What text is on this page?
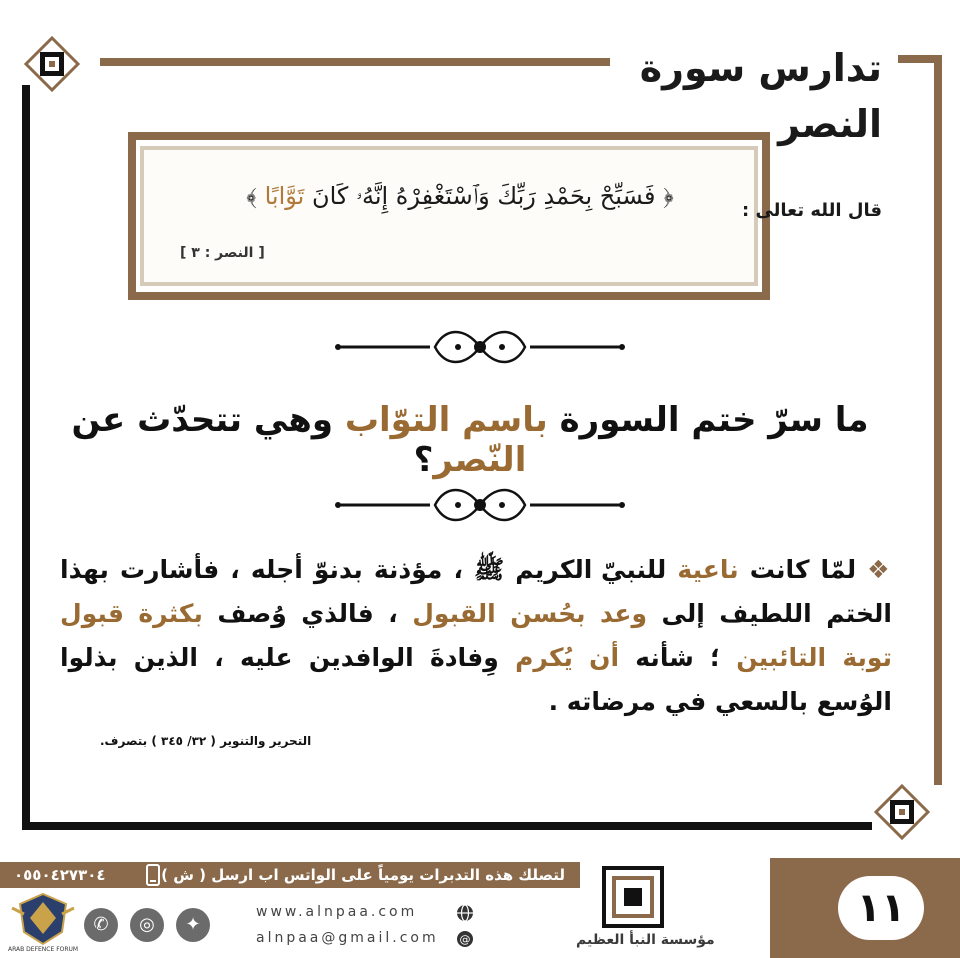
تدارس سورة النصر
قال الله تعالى :
﴿ فَسَبِّحْ بِحَمْدِ رَبِّكَ وَٱسْتَغْفِرْهُ إِنَّهُۥ كَانَ تَوَّابًا ﴾
[ النصر : ٣ ]
ما سرّ ختم السورة باسم التوّاب وهي تتحدّث عن النّصر؟
❖ لمّا كانت ناعية للنبيّ الكريم ﷺ ، مؤذنة بدنوّ أجله ، فأشارت بهذا الختم اللطيف إلى وعد بحُسن القبول ، فالذي وُصف بكثرة قبول توبة التائبين ؛ شأنه أن يُكرم وِفادةَ الوافدين عليه ، الذين بذلوا الوُسع بالسعي في مرضاته .
التحرير والتنوير ( ٣٢/ ٣٤٥ ) بتصرف.
لتصلك هذه التدبرات يومياً على الواتس اب ارسل ( ش ) على :
٠٥٥٠٤٢٧٣٠٤
١١
مؤسسة النبأ العظيم
www.alnpaa.com
alnpaa@gmail.com @
✆	◎	✦
ARAB DEFENCE FORUM
